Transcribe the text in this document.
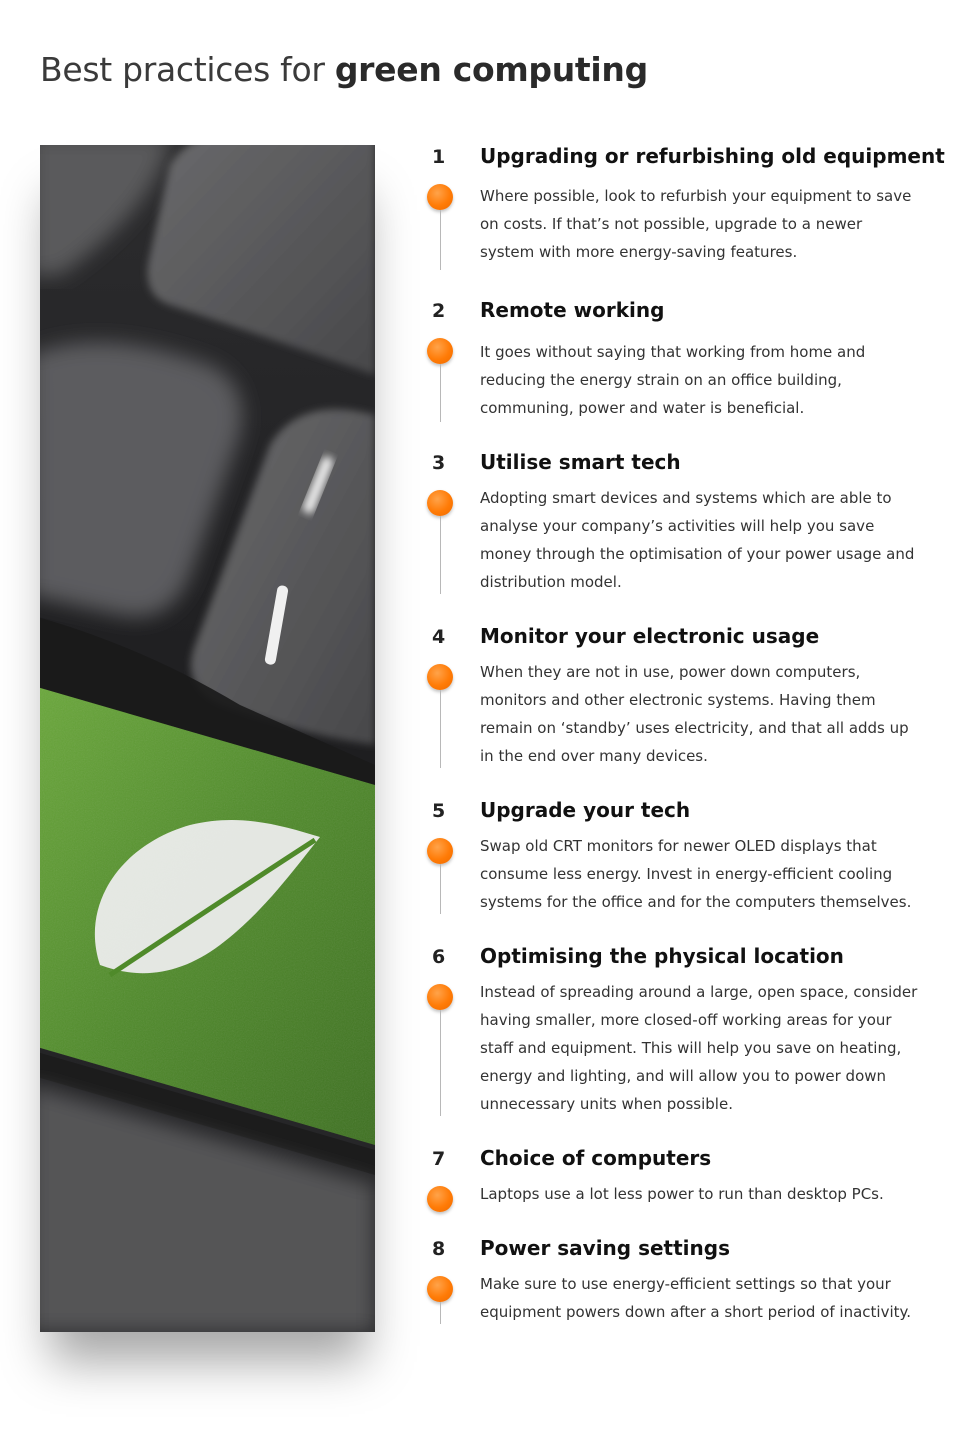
Best practices for green computing
1 Upgrading or refurbishing old equipment
Where possible, look to refurbish your equipment to save on costs. If that’s not possible, upgrade to a newer system with more energy-saving features.
2 Remote working
It goes without saying that working from home and reducing the energy strain on an office building, communing, power and water is beneficial.
3 Utilise smart tech
Adopting smart devices and systems which are able to analyse your company’s activities will help you save money through the optimisation of your power usage and distribution model.
4 Monitor your electronic usage
When they are not in use, power down computers, monitors and other electronic systems. Having them remain on ‘standby’ uses electricity, and that all adds up in the end over many devices.
5 Upgrade your tech
Swap old CRT monitors for newer OLED displays that consume less energy. Invest in energy-efficient cooling systems for the office and for the computers themselves.
6 Optimising the physical location
Instead of spreading around a large, open space, consider having smaller, more closed-off working areas for your staff and equipment. This will help you save on heating, energy and lighting, and will allow you to power down unnecessary units when possible.
7 Choice of computers
Laptops use a lot less power to run than desktop PCs.
8 Power saving settings
Make sure to use energy-efficient settings so that your equipment powers down after a short period of inactivity.
